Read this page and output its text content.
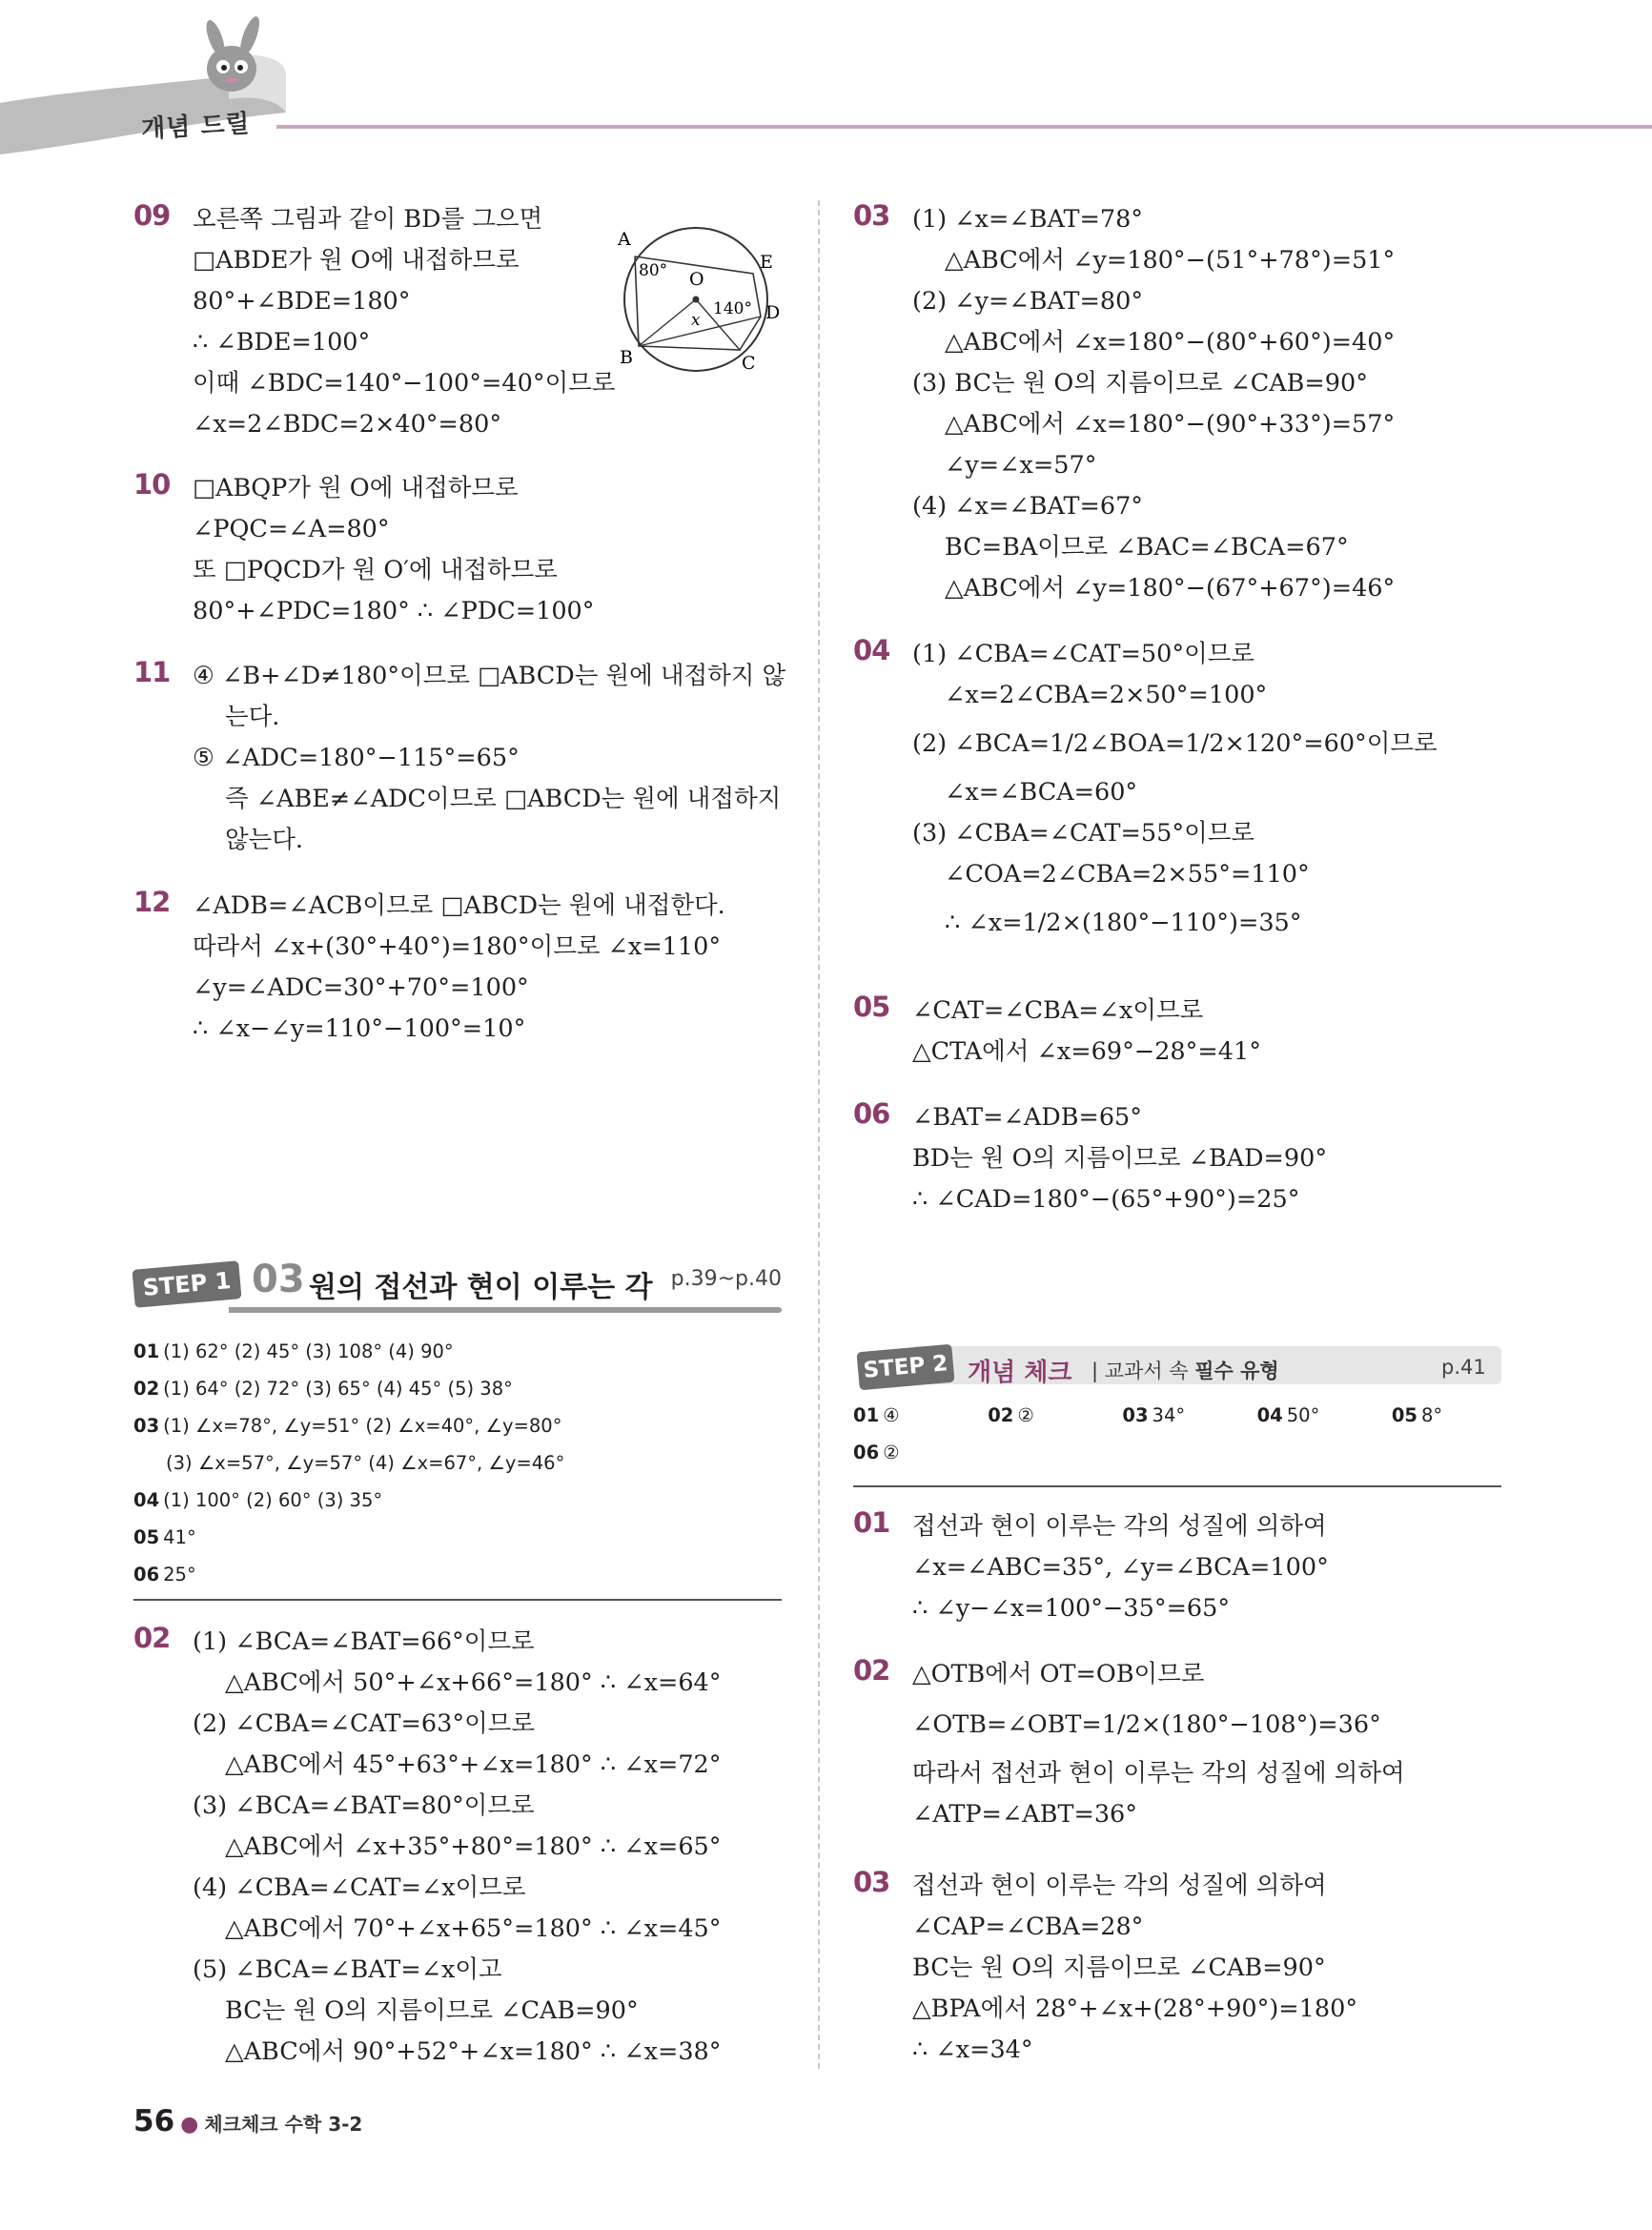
개념 드릴
09 오른쪽 그림과 같이 BD를 그으면
□ABDE가 원 O에 내접하므로
80°+∠BDE=180°
∴ ∠BDE=100°
이때 ∠BDC=140°−100°=40°이므로
∠x=2∠BDC=2×40°=80°
A
E
O
D
B	C
80°
140°
x
10 □ABQP가 원 O에 내접하므로
∠PQC=∠A=80°
또 □PQCD가 원 O′에 내접하므로
80°+∠PDC=180° ∴ ∠PDC=100°
11 ④ ∠B+∠D≠180°이므로 □ABCD는 원에 내접하지 않
는다.
⑤ ∠ADC=180°−115°=65°
즉 ∠ABE≠∠ADC이므로 □ABCD는 원에 내접하지
않는다.
12 ∠ADB=∠ACB이므로 □ABCD는 원에 내접한다.
따라서 ∠x+(30°+40°)=180°이므로 ∠x=110°
∠y=∠ADC=30°+70°=100°
∴ ∠x−∠y=110°−100°=10°
STEP 1 03 원의 접선과 현이 이루는 각 p.39~p.40
01 (1) 62° (2) 45° (3) 108° (4) 90°
02 (1) 64° (2) 72° (3) 65° (4) 45° (5) 38°
03 (1) ∠x=78°, ∠y=51° (2) ∠x=40°, ∠y=80°
(3) ∠x=57°, ∠y=57° (4) ∠x=67°, ∠y=46°
04 (1) 100° (2) 60° (3) 35°
05 41°
06 25°
02 (1) ∠BCA=∠BAT=66°이므로
△ABC에서 50°+∠x+66°=180° ∴ ∠x=64°
(2) ∠CBA=∠CAT=63°이므로
△ABC에서 45°+63°+∠x=180° ∴ ∠x=72°
(3) ∠BCA=∠BAT=80°이므로
△ABC에서 ∠x+35°+80°=180° ∴ ∠x=65°
(4) ∠CBA=∠CAT=∠x이므로
△ABC에서 70°+∠x+65°=180° ∴ ∠x=45°
(5) ∠BCA=∠BAT=∠x이고
BC는 원 O의 지름이므로 ∠CAB=90°
△ABC에서 90°+52°+∠x=180° ∴ ∠x=38°
03 (1) ∠x=∠BAT=78°
△ABC에서 ∠y=180°−(51°+78°)=51°
(2) ∠y=∠BAT=80°
△ABC에서 ∠x=180°−(80°+60°)=40°
(3) BC는 원 O의 지름이므로 ∠CAB=90°
△ABC에서 ∠x=180°−(90°+33°)=57°
∠y=∠x=57°
(4) ∠x=∠BAT=67°
BC=BA이므로 ∠BAC=∠BCA=67°
△ABC에서 ∠y=180°−(67°+67°)=46°
04 (1) ∠CBA=∠CAT=50°이므로
∠x=2∠CBA=2×50°=100°
(2) ∠BCA=1/2∠BOA=1/2×120°=60°이므로
∠x=∠BCA=60°
(3) ∠CBA=∠CAT=55°이므로
∠COA=2∠CBA=2×55°=110°
∴ ∠x=1/2×(180°−110°)=35°
05 ∠CAT=∠CBA=∠x이므로
△CTA에서 ∠x=69°−28°=41°
06 ∠BAT=∠ADB=65°
BD는 원 O의 지름이므로 ∠BAD=90°
∴ ∠CAD=180°−(65°+90°)=25°
01 ④	02 ②	03 34°	04 50°	05 8°
06 ②
01 접선과 현이 이루는 각의 성질에 의하여
∠x=∠ABC=35°, ∠y=∠BCA=100°
∴ ∠y−∠x=100°−35°=65°
02 △OTB에서 OT=OB이므로
∠OTB=∠OBT=1/2×(180°−108°)=36°
따라서 접선과 현이 이루는 각의 성질에 의하여
∠ATP=∠ABT=36°
03 접선과 현이 이루는 각의 성질에 의하여
∠CAP=∠CBA=28°
BC는 원 O의 지름이므로 ∠CAB=90°
△BPA에서 28°+∠x+(28°+90°)=180°
∴ ∠x=34°
STEP 2 개념 체크 | 교과서 속 필수 유형	p.41
56 ● 체크체크 수학 3-2
